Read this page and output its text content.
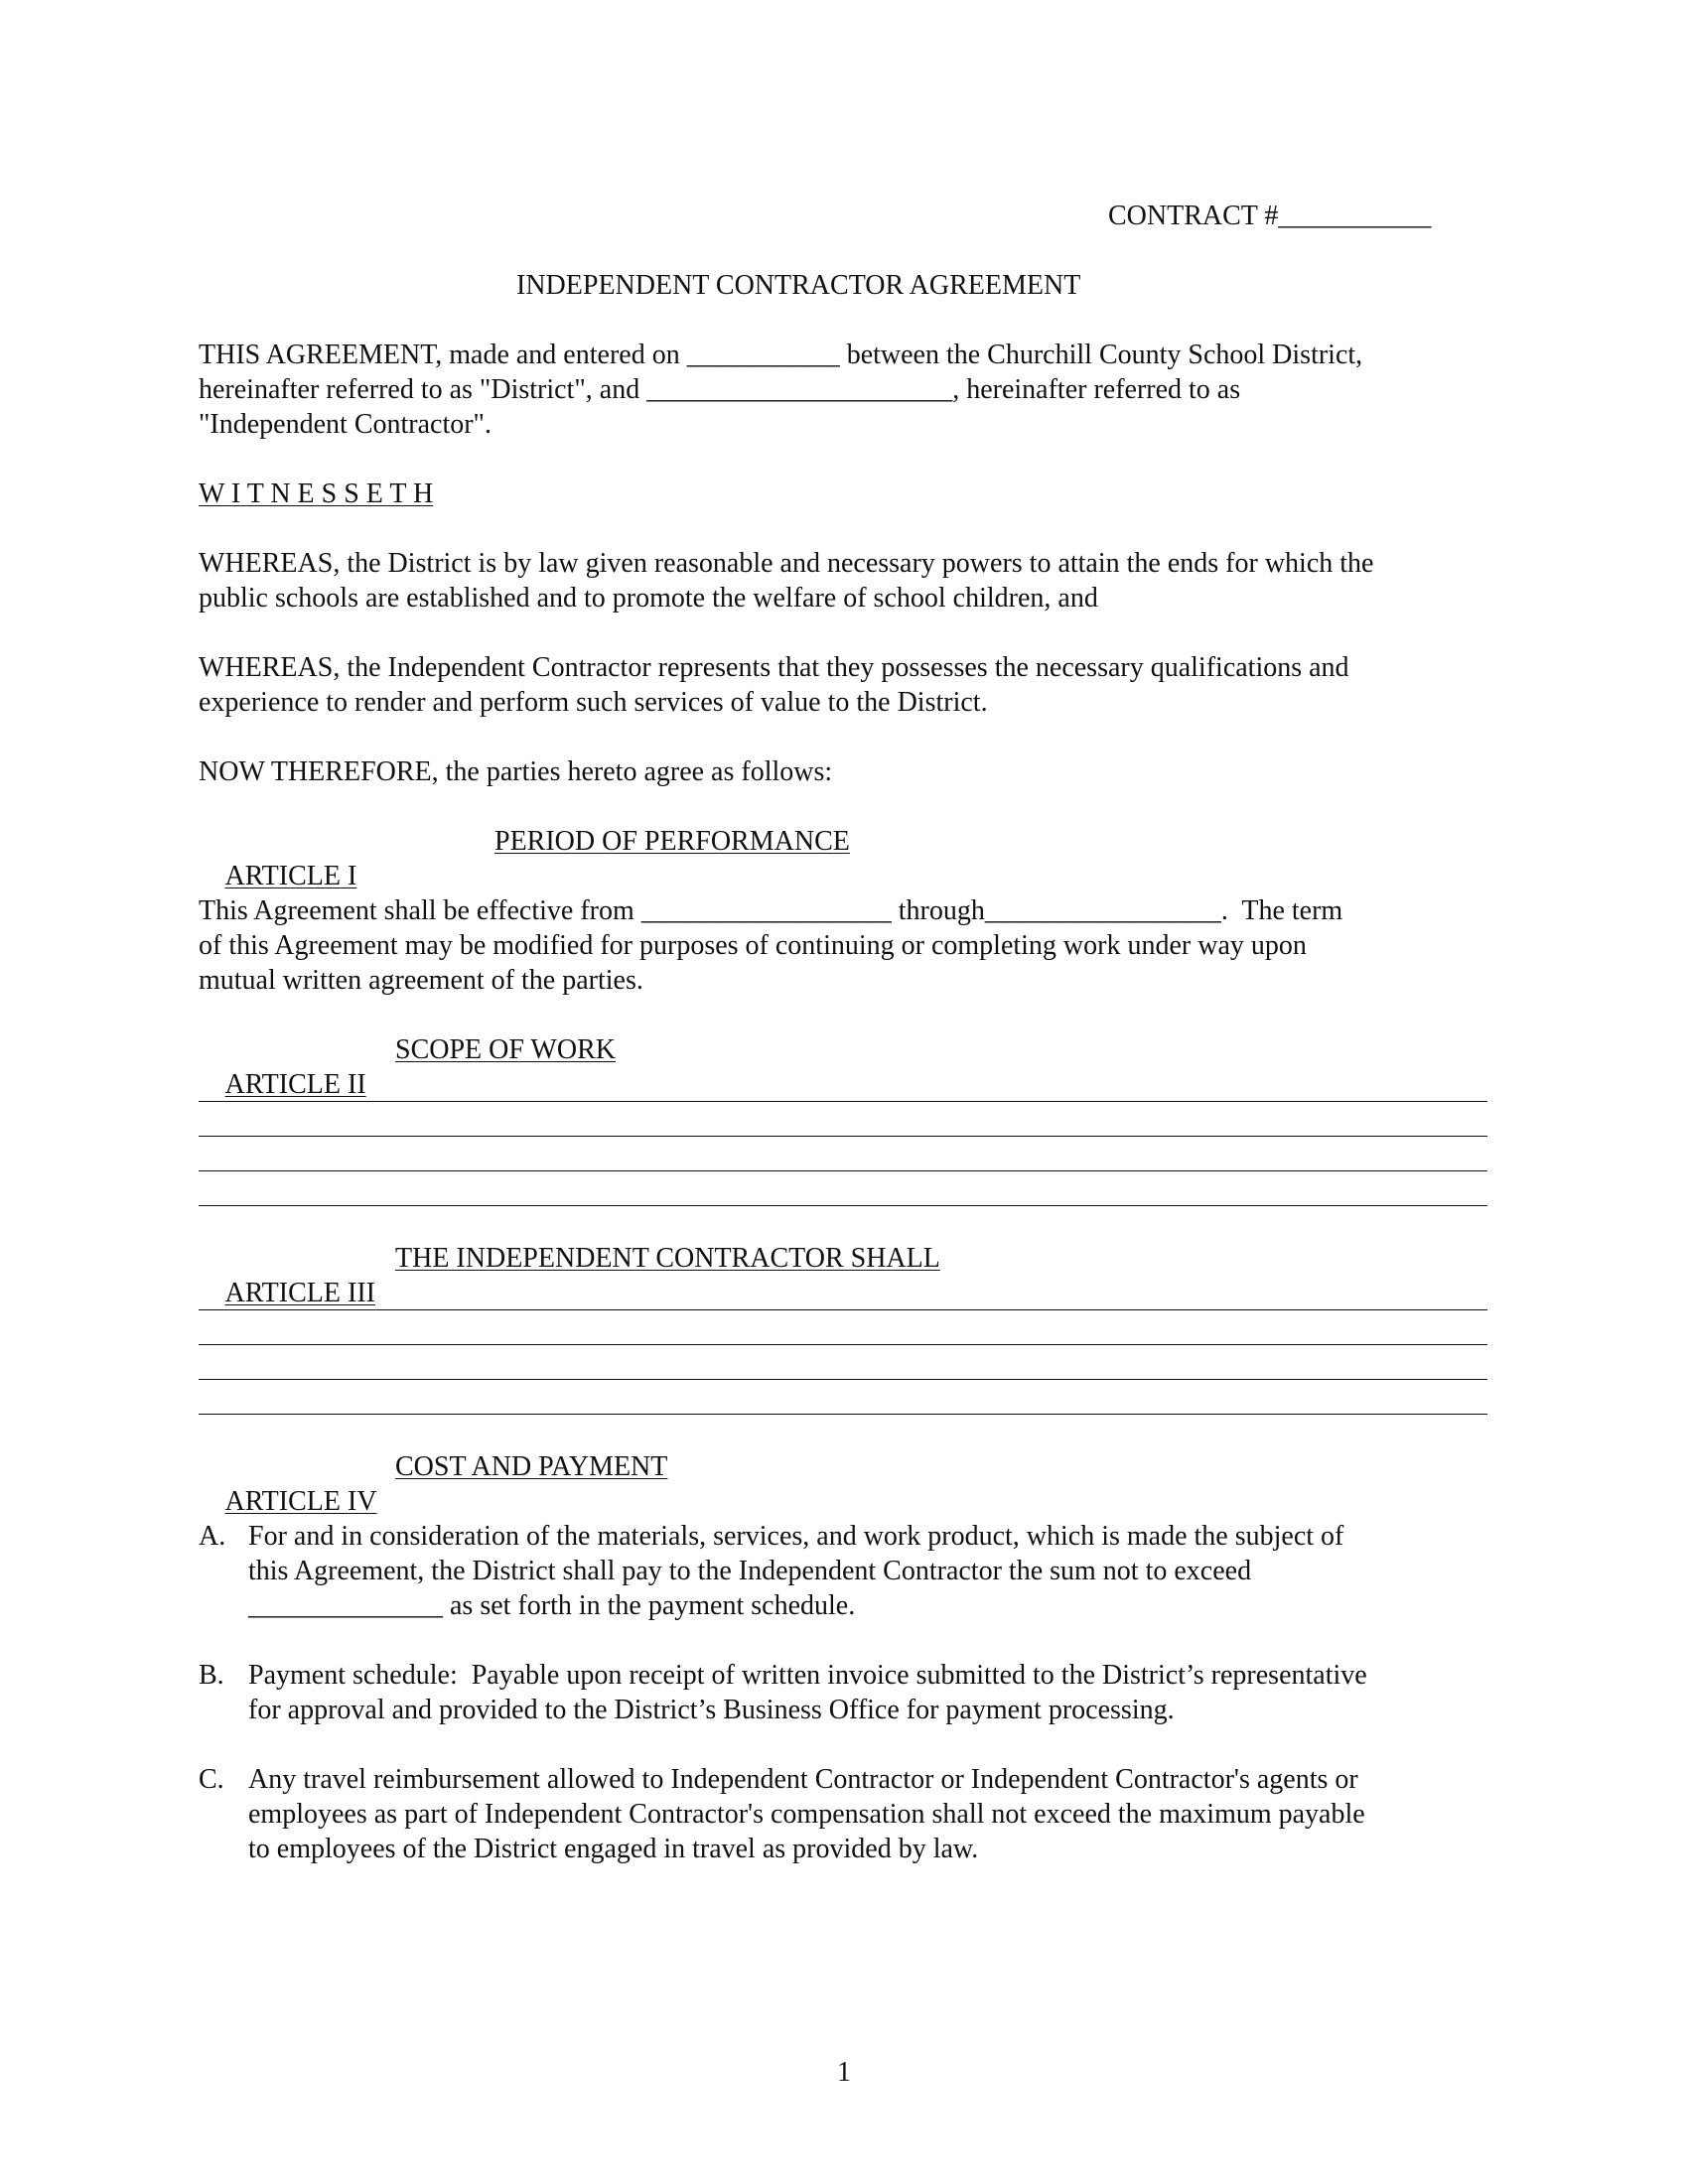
CONTRACT #___________
INDEPENDENT CONTRACTOR AGREEMENT
THIS AGREEMENT, made and entered on ___________ between the Churchill County School District,
hereinafter referred to as "District", and ______________________, hereinafter referred to as
"Independent Contractor".
W I T N E S S E T H
WHEREAS, the District is by law given reasonable and necessary powers to attain the ends for which the
public schools are established and to promote the welfare of school children, and
WHEREAS, the Independent Contractor represents that they possesses the necessary qualifications and
experience to render and perform such services of value to the District.
NOW THEREFORE, the parties hereto agree as follows:

ARTICLE I

PERIOD OF PERFORMANCE

This Agreement shall be effective from __________________ through_________________.  The term
of this Agreement may be modified for purposes of continuing or completing work under way upon
mutual written agreement of the parties.

ARTICLE II

SCOPE OF WORK

ARTICLE III

THE INDEPENDENT CONTRACTOR SHALL

ARTICLE IV

COST AND PAYMENT

A. For and in consideration of the materials, services, and work product, which is made the subject of
this Agreement, the District shall pay to the Independent Contractor the sum not to exceed
______________ as set forth in the payment schedule.
B. Payment schedule:  Payable upon receipt of written invoice submitted to the District’s representative
for approval and provided to the District’s Business Office for payment processing.
C. Any travel reimbursement allowed to Independent Contractor or Independent Contractor's agents or
employees as part of Independent Contractor's compensation shall not exceed the maximum payable
to employees of the District engaged in travel as provided by law.
1
